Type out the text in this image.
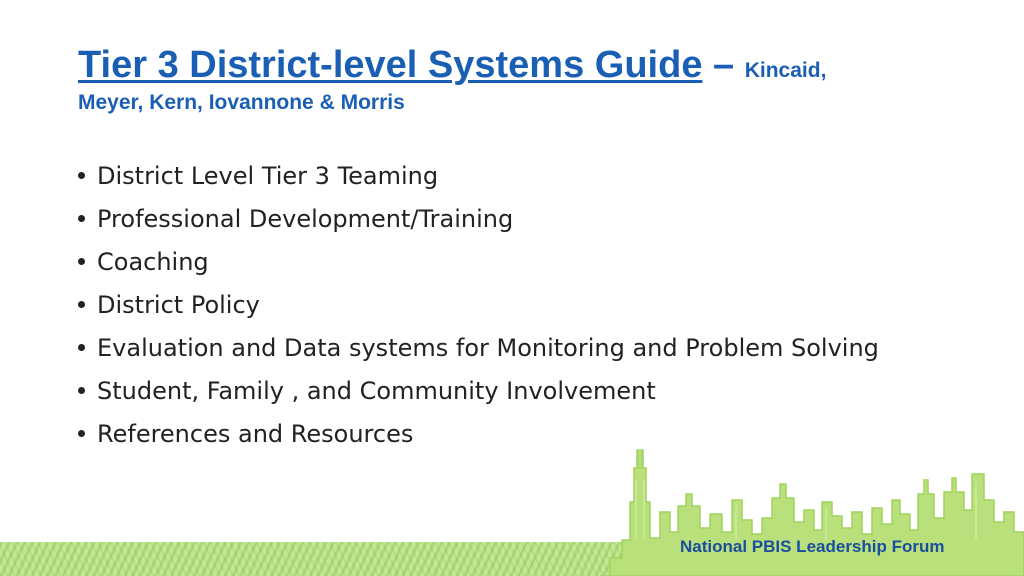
Tier 3 District-level Systems Guide – Kincaid,
Meyer, Kern, Iovannone & Morris
District Level Tier 3 Teaming
Professional Development/Training
Coaching
District Policy
Evaluation and Data systems for Monitoring and Problem Solving
Student, Family , and Community Involvement
References and Resources
National PBIS Leadership Forum
